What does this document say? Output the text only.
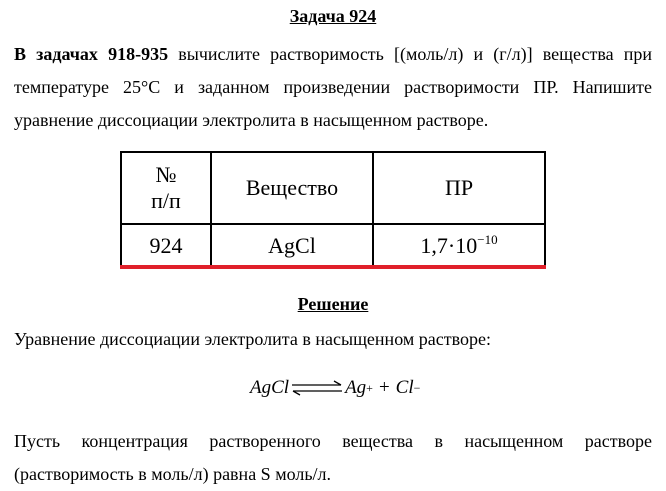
Задача 924
В задачах 918-935 вычислите растворимость [(моль/л) и (г/л)] вещества при температуре 25°С и заданном произведении растворимости ПР. Напишите уравнение диссоциации электролита в насыщенном растворе.
№
п/п	Вещество	ПР
924	AgCl	$1,7\cdot 10^{-10}$
Решение
Уравнение диссоциации электролита в насыщенном растворе:
AgCl ⇌ Ag + + Cl −
Пусть концентрация растворенного вещества в насыщенном растворе (растворимость в моль/л) равна S моль/л.
